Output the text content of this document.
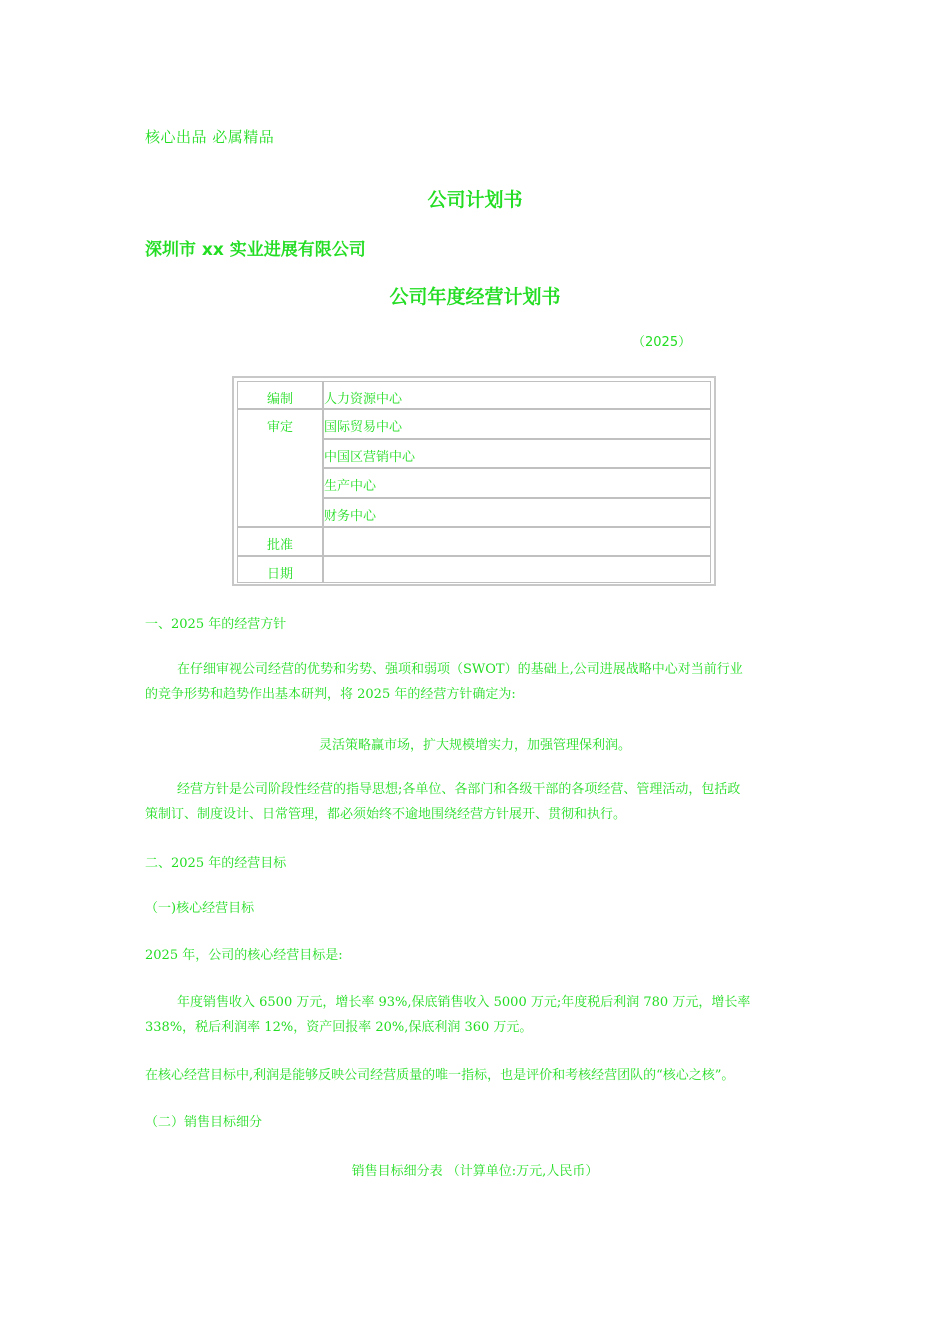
核心出品 必属精品
公司计划书
深圳市 xx 实业进展有限公司
公司年度经营计划书
（2025）
编制	人力资源中心
审定	国际贸易中心
中国区营销中心
生产中心
财务中心
批准
日期
一、2025 年的经营方针
在仔细审视公司经营的优势和劣势、强项和弱项（SWOT）的基础上,公司进展战略中心对当前行业
的竞争形势和趋势作出基本研判，将 2025 年的经营方针确定为:
灵活策略赢市场，扩大规模增实力，加强管理保利润。
经营方针是公司阶段性经营的指导思想;各单位、各部门和各级干部的各项经营、管理活动，包括政
策制订、制度设计、日常管理，都必须始终不逾地围绕经营方针展开、贯彻和执行。
二、2025 年的经营目标
（一)核心经营目标
2025 年，公司的核心经营目标是:
年度销售收入 6500 万元，增长率 93%,保底销售收入 5000 万元;年度税后利润 780 万元，增长率
338%，税后利润率 12%，资产回报率 20%,保底利润 360 万元。
在核心经营目标中,利润是能够反映公司经营质量的唯一指标，也是评价和考核经营团队的“核心之核”。
（二）销售目标细分
销售目标细分表 （计算单位:万元,人民币）
